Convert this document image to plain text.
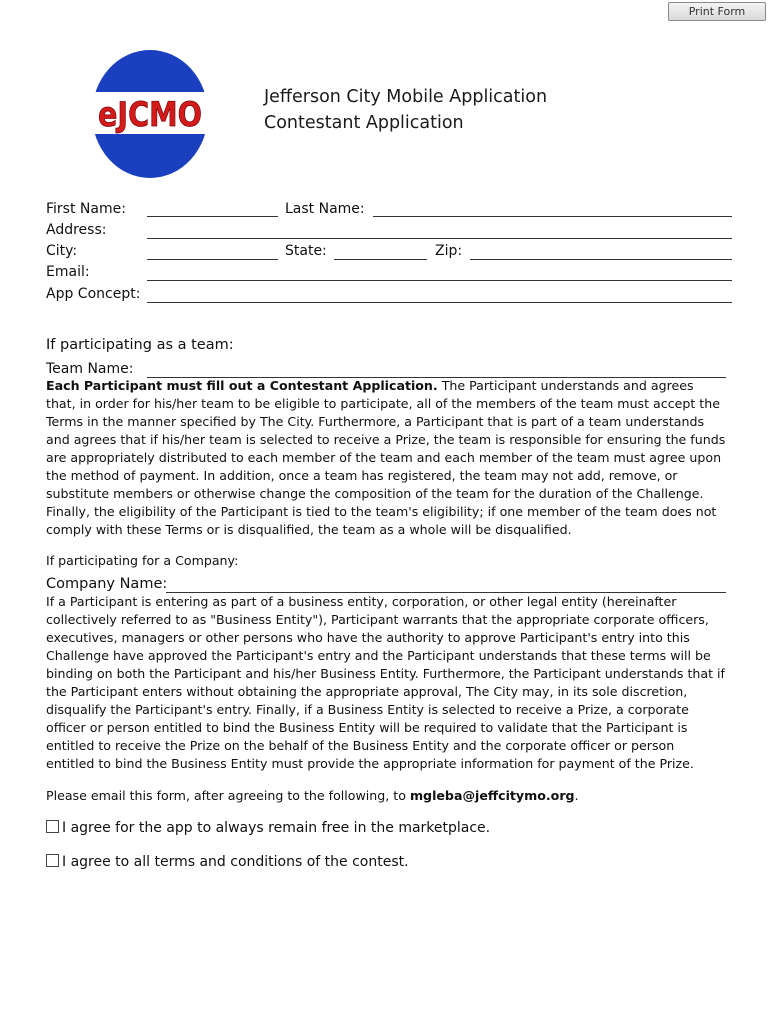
Print Form
eJCMO	Jefferson City Mobile Application
Contestant Application
First Name:	Last Name:
Address:
City:	State:	Zip:
Email:
App Concept:
If participating as a team:
Team Name:
Each Participant must fill out a Contestant Application. The Participant understands and agrees that, in order for his/her team to be eligible to participate, all of the members of the team must accept the Terms in the manner specified by The City. Furthermore, a Participant that is part of a team understands and agrees that if his/her team is selected to receive a Prize, the team is responsible for ensuring the funds are appropriately distributed to each member of the team and each member of the team must agree upon the method of payment. In addition, once a team has registered, the team may not add, remove, or substitute members or otherwise change the composition of the team for the duration of the Challenge. Finally, the eligibility of the Participant is tied to the team's eligibility; if one member of the team does not comply with these Terms or is disqualified, the team as a whole will be disqualified.
If participating for a Company:
Company Name:
If a Participant is entering as part of a business entity, corporation, or other legal entity (hereinafter collectively referred to as "Business Entity"), Participant warrants that the appropriate corporate officers, executives, managers or other persons who have the authority to approve Participant's entry into this Challenge have approved the Participant's entry and the Participant understands that these terms will be binding on both the Participant and his/her Business Entity. Furthermore, the Participant understands that if the Participant enters without obtaining the appropriate approval, The City may, in its sole discretion, disqualify the Participant's entry. Finally, if a Business Entity is selected to receive a Prize, a corporate officer or person entitled to bind the Business Entity will be required to validate that the Participant is entitled to receive the Prize on the behalf of the Business Entity and the corporate officer or person entitled to bind the Business Entity must provide the appropriate information for payment of the Prize.
Please email this form, after agreeing to the following, to mgleba@jeffcitymo.org.
I agree for the app to always remain free in the marketplace.
I agree to all terms and conditions of the contest.
